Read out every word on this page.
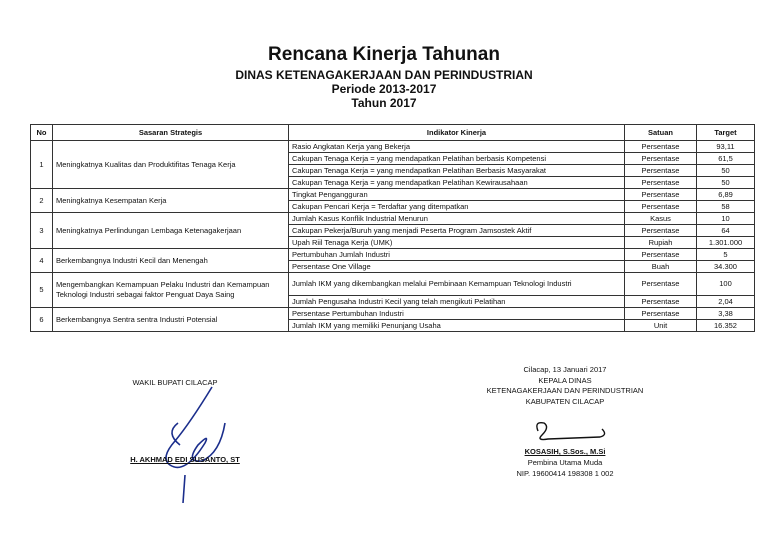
Rencana Kinerja Tahunan
DINAS KETENAGAKERJAAN DAN PERINDUSTRIAN
Periode 2013-2017
Tahun 2017
No	Sasaran Strategis	Indikator Kinerja	Satuan	Target
1	Meningkatnya Kualitas dan Produktifitas Tenaga Kerja	Rasio Angkatan Kerja yang Bekerja	Persentase	93,11
		Cakupan Tenaga Kerja = yang mendapatkan Pelatihan berbasis Kompetensi	Persentase	61,5
		Cakupan Tenaga Kerja = yang mendapatkan Pelatihan Berbasis Masyarakat	Persentase	50
		Cakupan Tenaga Kerja = yang mendapatkan Pelatihan Kewirausahaan	Persentase	50
2	Meningkatnya Kesempatan Kerja	Tingkat Pengangguran	Persentase	6,89
		Cakupan Pencari Kerja = Terdaftar yang ditempatkan	Persentase	58
3	Meningkatnya Perlindungan Lembaga Ketenagakerjaan	Jumlah Kasus Konflik Industrial Menurun	Kasus	10
		Cakupan Pekerja/Buruh yang menjadi Peserta Program Jamsostek Aktif	Persentase	64
		Upah Riil Tenaga Kerja (UMK)	Rupiah	1.301.000
4	Berkembangnya Industri Kecil dan Menengah	Pertumbuhan Jumlah Industri	Persentase	5
		Persentase One Village	Buah	34.300
5	Mengembangkan Kemampuan Pelaku Industri dan Kemampuan Teknologi Industri sebagai faktor Penguat Daya Saing	Jumlah IKM yang dikembangkan melalui Pembinaan Kemampuan Teknologi Industri	Persentase	100
		Jumlah Pengusaha Industri Kecil yang telah mengikuti Pelatihan	Persentase	2,04
6	Berkembangnya Sentra sentra Industri Potensial	Persentase Pertumbuhan Industri	Persentase	3,38
		Jumlah IKM yang memiliki Penunjang Usaha	Unit	16.352
WAKIL BUPATI CILACAP
H. AKHMAD EDI SUSANTO, ST
Cilacap, 13 Januari 2017
KEPALA DINAS
KETENAGAKERJAAN DAN PERINDUSTRIAN
KABUPATEN CILACAP
KOSASIH, S.Sos., M.Si
Pembina Utama Muda
NIP. 19600414 198308 1 002
